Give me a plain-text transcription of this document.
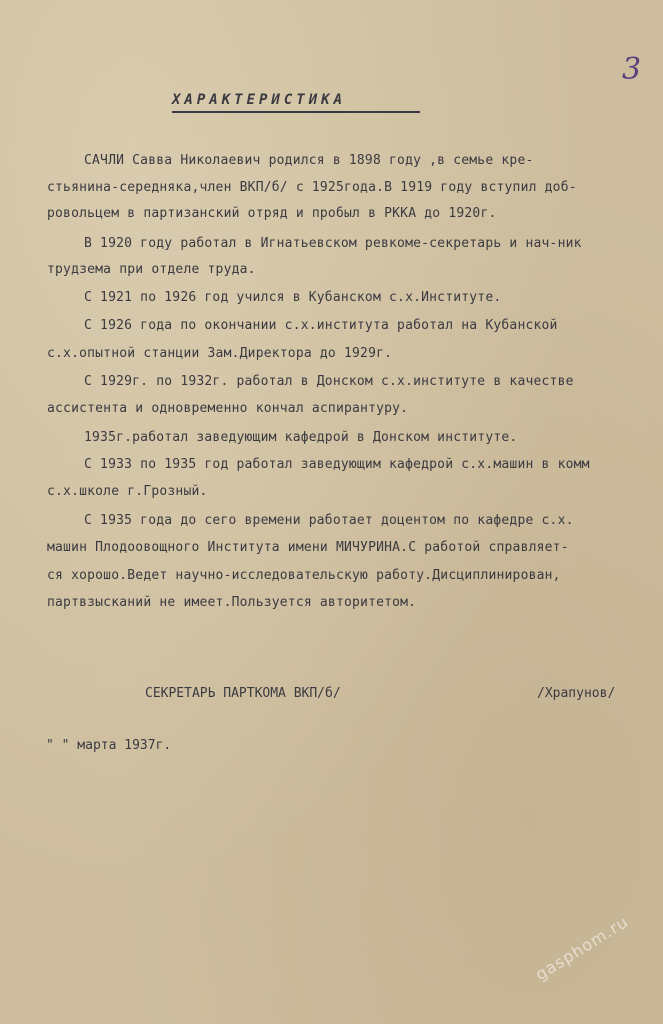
3
ХАРАКТЕРИСТИКА
САЧЛИ Савва Николаевич родился в 1898 году ,в семье кре-
стьянина-середняка,член ВКП/б/ с 1925года.В 1919 году вступил доб-
ровольцем в партизанский отряд и пробыл в РККА до 1920г.
В 1920 году работал в Игнатьевском ревкоме-секретарь и нач-ник
трудзема при отделе труда.
С 1921 по 1926 год учился в Кубанском с.х.Институте.
С 1926 года по окончании с.х.института работал на Кубанской
с.х.опытной станции Зам.Директора до 1929г.
С 1929г. по 1932г. работал в Донском с.х.институте в качестве
ассистента и одновременно кончал аспирантуру.
1935г.работал заведующим кафедрой в Донском институте.
С 1933 по 1935 год работал заведующим кафедрой с.х.машин в комм
с.х.школе г.Грозный.
С 1935 года до сего времени работает доцентом по кафедре с.х.
машин Плодоовощного Института имени МИЧУРИНА.С работой справляет-
ся хорошо.Ведет научно-исследовательскую работу.Дисциплинирован,
партвзысканий не имеет.Пользуется авторитетом.
СЕКРЕТАРЬ ПАРТКОМА ВКП/б/	/Храпунов/
" " марта 1937г.
gasphom.ru
